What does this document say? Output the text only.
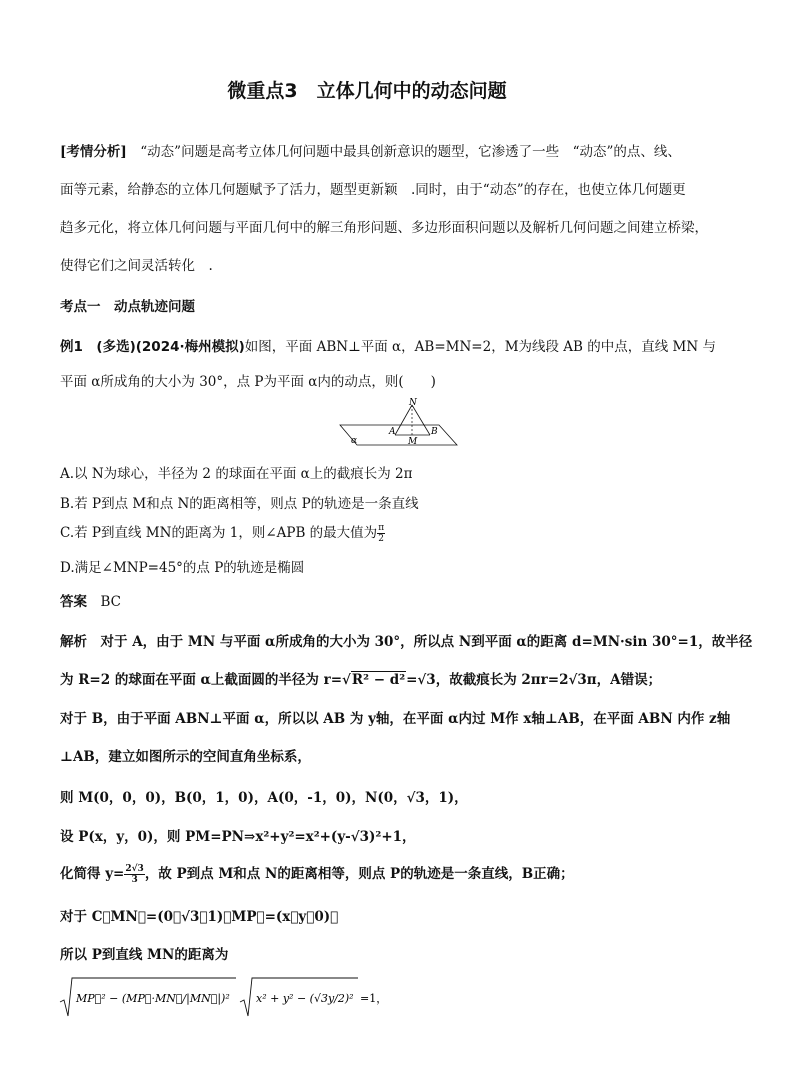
微重点3　立体几何中的动态问题
[考情分析]　“动态”问题是高考立体几何问题中最具创新意识的题型，它渗透了一些　“动态”的点、线、
面等元素，给静态的立体几何题赋予了活力，题型更新颖　.同时，由于“动态”的存在，也使立体几何题更
趋多元化，将立体几何问题与平面几何中的解三角形问题、多边形面积问题以及解析几何问题之间建立桥梁，
使得它们之间灵活转化　.
考点一　动点轨迹问题
例1　 (多选)(2024·梅州模拟)如图，平面 ABN⊥平面 α，AB=MN=2，M为线段 AB 的中点，直线 MN 与
平面 α所成角的大小为 30°，点 P为平面 α内的动点，则(　　)
N
A
M
B
α
A.以 N为球心，半径为 2 的球面在平面 α上的截痕长为 2π
B.若 P到点 M和点 N的距离相等，则点 P的轨迹是一条直线
C.若 P到直线 MN的距离为 1，则∠APB 的最大值为 $\frac{\pi}{2}$
D.满足∠MNP=45°的点 P的轨迹是椭圆
答案　 BC
解析　对于 A，由于 MN 与平面 α所成角的大小为 30°，所以点 N到平面 α的距离 d=MN·sin 30°=1，故半径
为 R=2 的球面在平面 α上截面圆的半径为 r=√R² − d²=√3，故截痕长为 2πr=2√3π，A错误；
对于 B，由于平面 ABN⊥平面 α，所以以 AB 为 y轴，在平面 α内过 M作 x轴⊥AB，在平面 ABN 内作 z轴
⊥AB，建立如图所示的空间直角坐标系，
则 M(0，0，0)，B(0，1，0)，A(0，-1，0)，N(0，√3，1)，
设 P(x，y，0)，则 PM=PN⇒x²+y²=x²+(y-√3)²+1，
化简得 $y= \frac{2√3}{3}$ ，故 P到点 M和点 N的距离相等，则点 P的轨迹是一条直线，B正确；
对于 C，MN⃗=(0，√3，1)，MP⃗=(x，y，0)，
所以 P到直线 MN的距离为
MP⃗² − (MP⃗·MN⃗/|MN⃗|)² x² + y² − (√3y/2)² =1，
